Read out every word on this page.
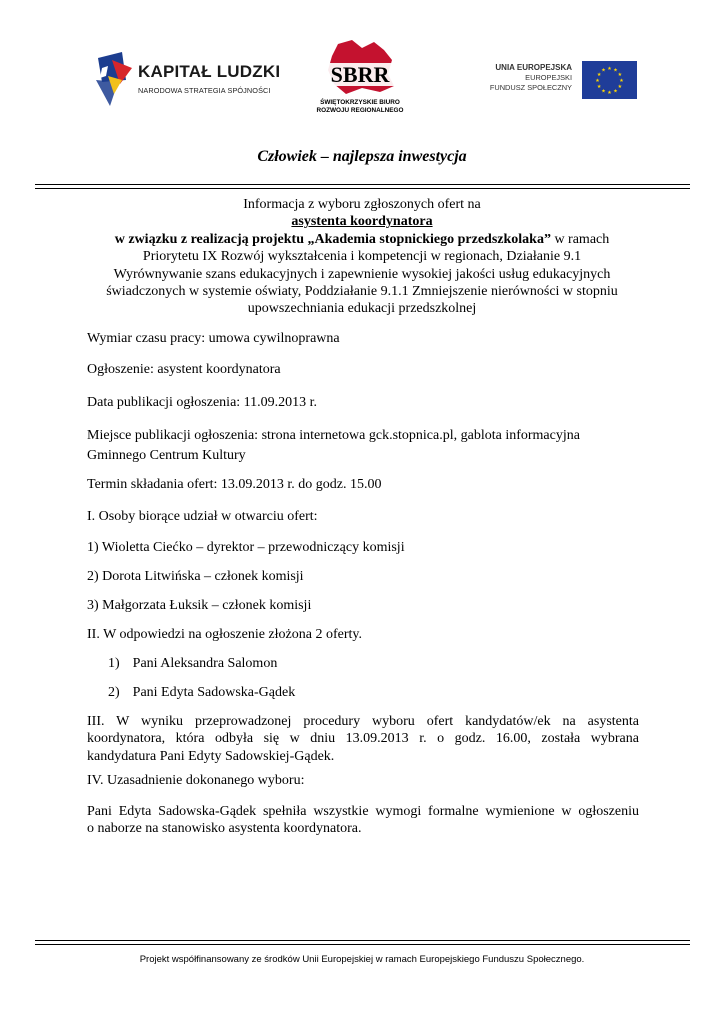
KAPITAŁ LUDZKI
NARODOWA STRATEGIA SPÓJNOŚCI
SBRR
ŚWIĘTOKRZYSKIE BIURO
ROZWOJU REGIONALNEGO
UNIA EUROPEJSKA
EUROPEJSKI
FUNDUSZ SPOŁECZNY
★ ★
★
★
★
★
★
★
★
★
★
★
Człowiek – najlepsza inwestycja
Informacja z wyboru zgłoszonych ofert na
asystenta koordynatora
w związku z realizacją projektu „Akademia stopnickiego przedszkolaka” w ramach
Priorytetu IX Rozwój wykształcenia i kompetencji w regionach, Działanie 9.1
Wyrównywanie szans edukacyjnych i zapewnienie wysokiej jakości usług edukacyjnych
świadczonych w systemie oświaty, Poddziałanie 9.1.1 Zmniejszenie nierówności w stopniu
upowszechniania edukacji przedszkolnej
Wymiar czasu pracy: umowa cywilnoprawna
Ogłoszenie: asystent koordynatora
Data publikacji ogłoszenia: 11.09.2013 r.
Miejsce publikacji ogłoszenia: strona internetowa gck.stopnica.pl, gablota informacyjna
Gminnego Centrum Kultury
Termin składania ofert: 13.09.2013 r. do godz. 15.00
I. Osoby biorące udział w otwarciu ofert:
1) Wioletta Ciećko – dyrektor – przewodniczący komisji
2) Dorota Litwińska – członek komisji
3) Małgorzata Łuksik – członek komisji
II. W odpowiedzi na ogłoszenie złożona 2 oferty.
1) Pani Aleksandra Salomon
2) Pani Edyta Sadowska-Gądek
III. W wyniku przeprowadzonej procedury wyboru ofert kandydatów/ek na asystenta
koordynatora, która odbyła się w dniu 13.09.2013 r. o godz. 16.00, została wybrana
kandydatura Pani Edyty Sadowskiej-Gądek.
IV. Uzasadnienie dokonanego wyboru:
Pani Edyta Sadowska-Gądek spełniła wszystkie wymogi formalne wymienione w ogłoszeniu
o naborze na stanowisko asystenta koordynatora.
Projekt współfinansowany ze środków Unii Europejskiej w ramach Europejskiego Funduszu Społecznego.
